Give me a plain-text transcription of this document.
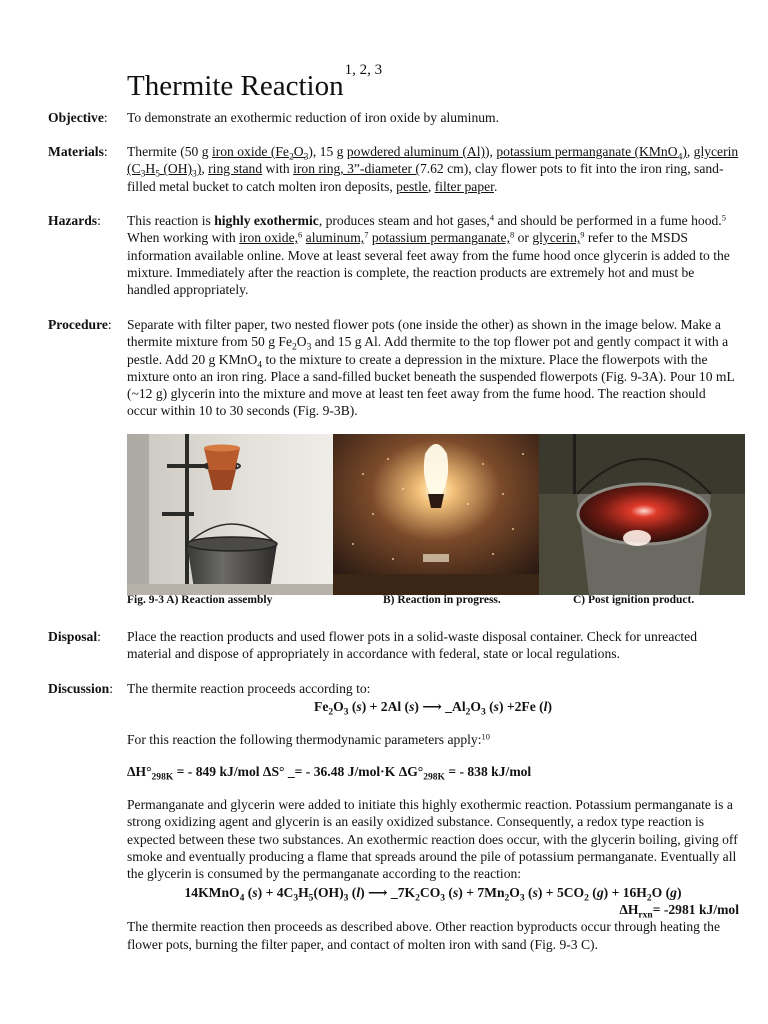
Thermite Reaction$^{1, 2, 3}$
Objective:	To demonstrate an exothermic reduction of iron oxide by aluminum.
Materials:	Thermite (50 g iron oxide $(Fe_2O_3)$, 15 g powdered aluminum (Al)), potassium permanganate (KMnO$_4$), glycerin ($C_3H_5$ $(OH)_3$), ring stand with iron ring, 3”-diameter (7.62 cm), clay flower pots to fit into the iron ring, sand-filled metal bucket to catch molten iron deposits, pestle, filter paper.
Hazards:	This reaction is highly exothermic, produces steam and hot gases,$^4$ and should be performed in a fume hood.$^5$ When working with iron oxide,$^6$ aluminum,$^7$ potassium permanganate,$^8$ or glycerin,$^9$ refer to the MSDS information available online. Move at least several feet away from the fume hood once glycerin is added to the mixture. Immediately after the reaction is complete, the reaction products are extremely hot and must be handled appropriately.
Procedure:	Separate with filter paper, two nested flower pots (one inside the other) as shown in the image below. Make a thermite mixture from 50 g $Fe_2O_3$ and 15 g Al. Add thermite to the top flower pot and gently compact it with a pestle. Add 20 g KMnO$_4$ to the mixture to create a depression in the mixture. Place the flowerpots with the mixture onto an iron ring. Place a sand-filled bucket beneath the suspended flowerpots (Fig. 9-3A). Pour 10 mL (~12 g) glycerin into the mixture and move at least ten feet away from the fume hood. The reaction should occur within 10 to 30 seconds (Fig. 9-3B).
Fig. 9-3 A) Reaction assembly	B) Reaction in progress.	C) Post ignition product.
Disposal:	Place the reaction products and used flower pots in a solid-waste disposal container. Check for unreacted material and dispose of appropriately in accordance with federal, state or local regulations.
Discussion:	The thermite reaction proceeds according to:

$Fe_2O_3$ (s) + 2Al (s) ⟶ $\_Al_2O_3$ (s) +2Fe (l)

For this reaction the following thermodynamic parameters apply:$^{10}$

$\Delta H^\circ_{298K}$ = - 849 kJ/mol ΔS° _= - 36.48 J/mol·K $\Delta G^\circ_{298K}$ = - 838 kJ/mol

Permanganate and glycerin were added to initiate this highly exothermic reaction. Potassium permanganate is a strong oxidizing agent and glycerin is an easily oxidized substance. Consequently, a redox type reaction is expected between these two substances. An exothermic reaction does occur, with the glycerin boiling, giving off smoke and eventually producing a flame that spreads around the pile of potassium permanganate. Eventually all the glycerin is consumed by the permanganate according to the reaction:

14KMnO$_4$ $(s) + 4C_3H_5(OH)_3$ (l) ⟶ $\_7K_2CO_3$ $(s) + 7Mn_2O_3$ $(s) + 5CO_2$ $(g) + 16H_2O$ (g)

$\Delta H_{rxn}= -2981$ kJ/mol

The thermite reaction then proceeds as described above. Other reaction byproducts occur through heating the flower pots, burning the filter paper, and contact of molten iron with sand (Fig. 9-3 C).
